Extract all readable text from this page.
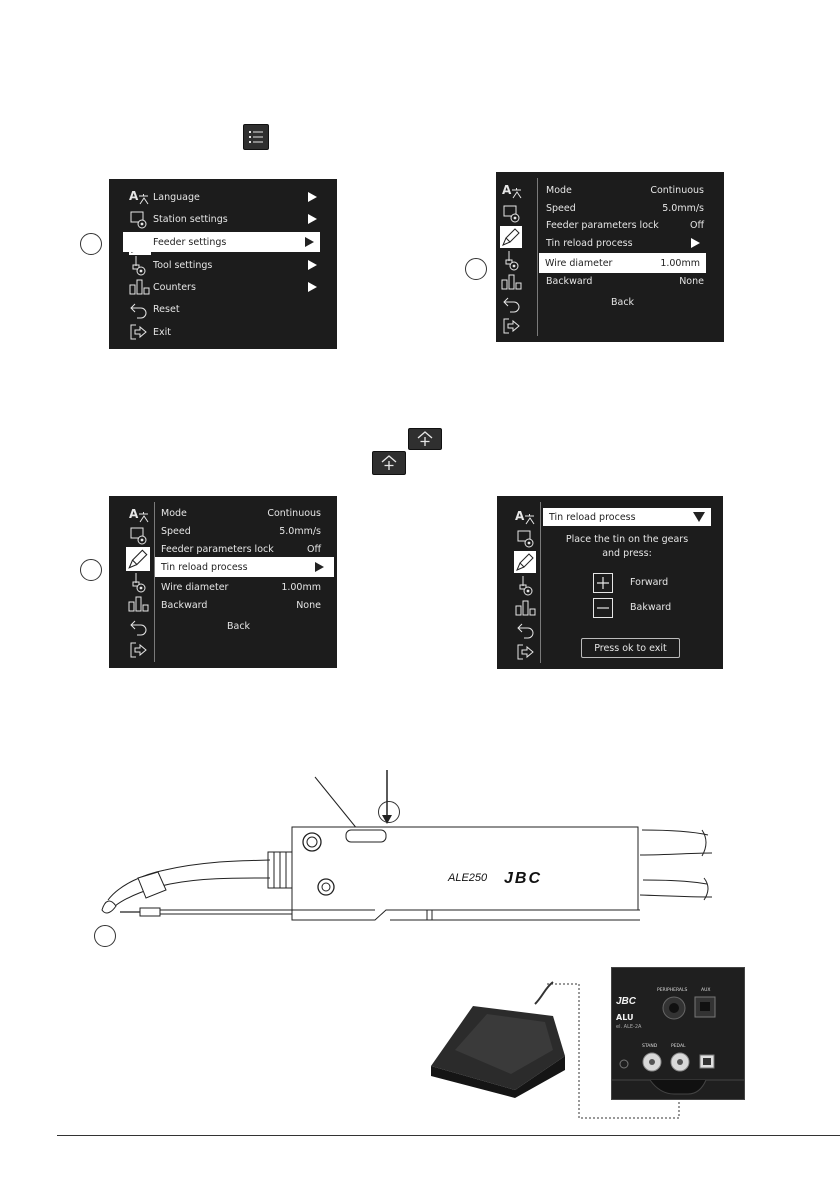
A Language
Station settings
Feeder settings
Tool settings
Counters
Reset
Exit
A	Mode	Continuous
Speed	5.0mm/s
Feeder parameters lock	Off
Tin reload process
Wire diameter	1.00mm
Backward	None
Back
A Mode	Continuous
Speed	5.0mm/s
Feeder parameters lock	Off
Tin reload process
Wire diameter	1.00mm
Backward	None
Back
A	Tin reload process
Place the tin on the gears
and press:
Forward
Bakward
Press ok to exit
ALE250 JBC
JBC
ALU
el. ALE-2A
PERIPHERALS	AUX
STAND	PEDAL
